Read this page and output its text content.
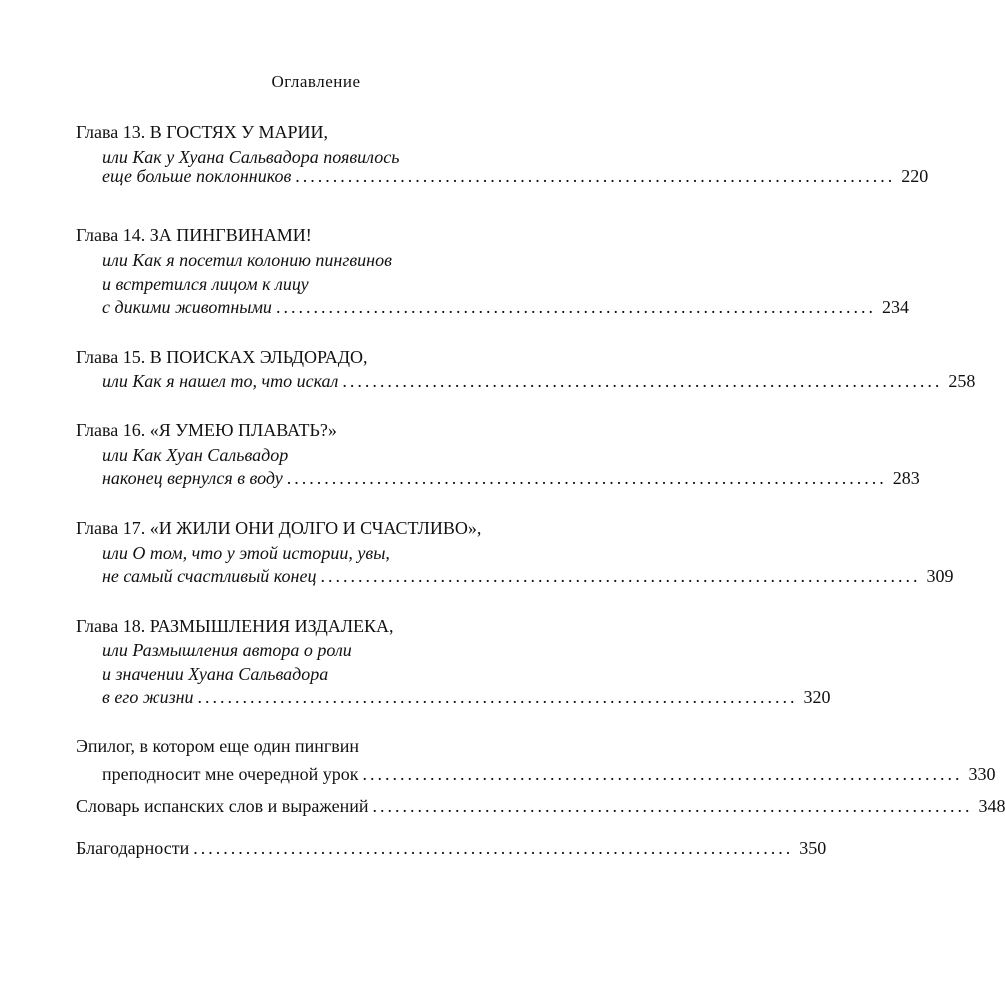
Оглавление
Глава 13. В ГОСТЯХ У МАРИИ,
или Как у Хуана Сальвадора появилось
еще больше поклонников ................................................................................ 220
Глава 14. ЗА ПИНГВИНАМИ!
или Как я посетил колонию пингвинов
и встретился лицом к лицу
с дикими животными ................................................................................ 234
Глава 15. В ПОИСКАХ ЭЛЬДОРАДО,
или Как я нашел то, что искал ................................................................................ 258
Глава 16. «Я УМЕЮ ПЛАВАТЬ?»
или Как Хуан Сальвадор
наконец вернулся в воду ................................................................................ 283
Глава 17. «И ЖИЛИ ОНИ ДОЛГО И СЧАСТЛИВО»,
или О том, что у этой истории, увы,
не самый счастливый конец ................................................................................ 309
Глава 18. РАЗМЫШЛЕНИЯ ИЗДАЛЕКА,
или Размышления автора о роли
и значении Хуана Сальвадора
в его жизни ................................................................................ 320
Эпилог, в котором еще один пингвин
преподносит мне очередной урок ................................................................................ 330
Словарь испанских слов и выражений ................................................................................ 348
Благодарности ................................................................................ 350
